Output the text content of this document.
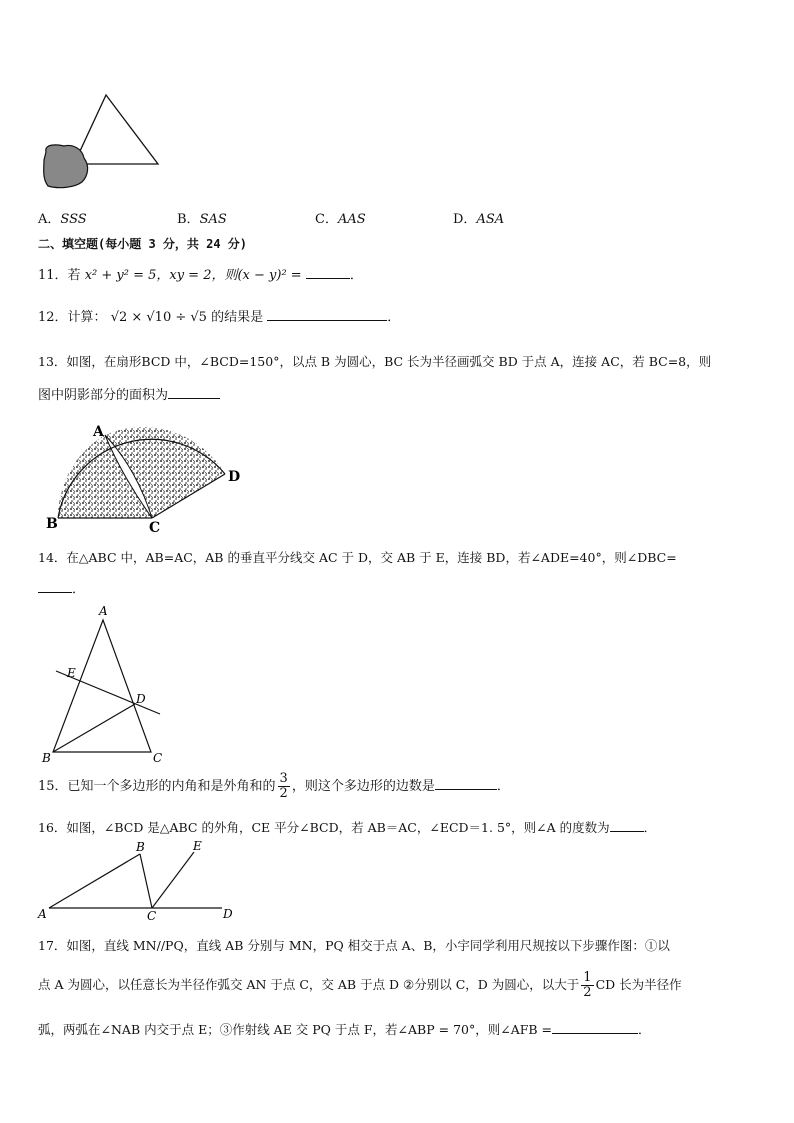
A．SSS	B．SAS	C．AAS	D．ASA
二、填空题(每小题 3 分，共 24 分)
11．若 x² + y² = 5，xy = 2，则(x − y)² =	．
12．计算： √2 × √10 ÷ √5 的结果是	．
13．如图，在扇形BCD 中，∠BCD=150°，以点 B 为圆心，BC 长为半径画弧交 BD 于点 A，连接 AC，若 BC=8，则
图中阴影部分的面积为
A
B	C
D
14．在△ABC 中，AB=AC，AB 的垂直平分线交 AC 于 D，交 AB 于 E，连接 BD，若∠ADE=40°，则∠DBC=
．
A
E
D
B	C
15．已知一个多边形的内角和是外角和的 $\frac{3}{2}$ ，则这个多边形的边数是	．
16．如图，∠BCD 是△ABC 的外角，CE 平分∠BCD，若 AB＝AC，∠ECD＝1. 5°，则∠A 的度数为	．
B	E
A	C	D
17．如图，直线 MN//PQ，直线 AB 分别与 MN，PQ 相交于点 A、B，小宇同学利用尺规按以下步骤作图：①以
点 A 为圆心，以任意长为半径作弧交 AN 于点 C，交 AB 于点 D ②分别以 C，D 为圆心，以大于 $\frac{1}{2}$ CD 长为半径作
弧，两弧在∠NAB 内交于点 E；③作射线 AE 交 PQ 于点 F，若∠ABP = 70°，则∠AFB =	．
